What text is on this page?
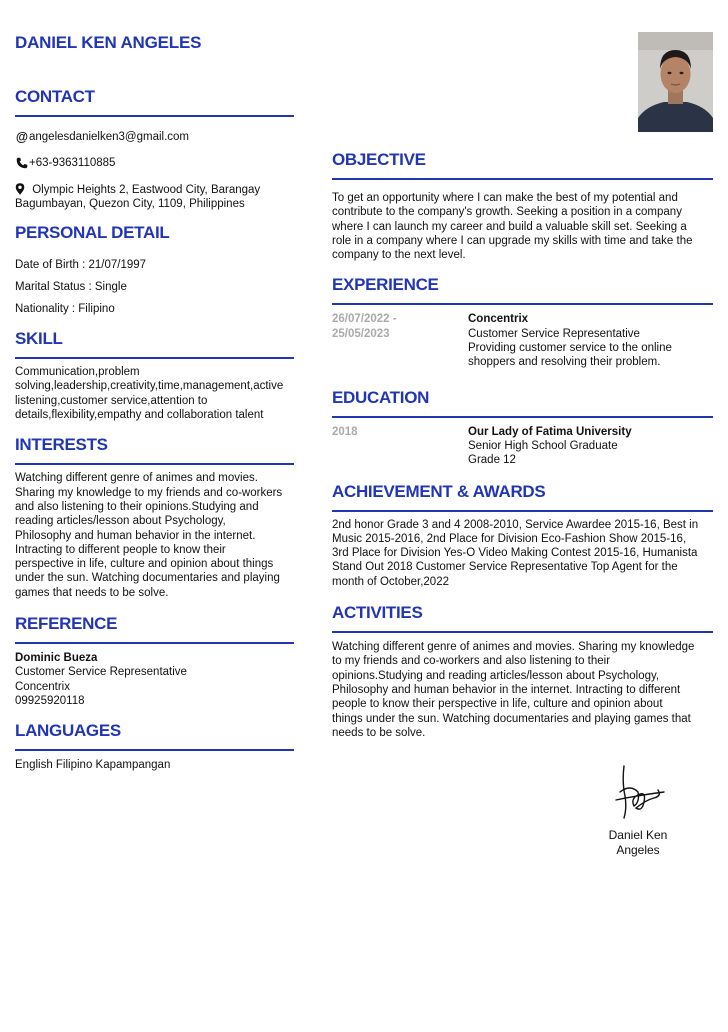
DANIEL KEN ANGELES
CONTACT
@ angelesdanielken3@gmail.com
+63-9363110885
Olympic Heights 2, Eastwood City, Barangay Bagumbayan, Quezon City, 1109, Philippines
PERSONAL DETAIL
Date of Birth : 21/07/1997
Marital Status : Single
Nationality : Filipino
SKILL
Communication,problem
solving,leadership,creativity,time,management,active
listening,customer service,attention to
details,flexibility,empathy and collaboration talent
INTERESTS
Watching different genre of animes and movies.
Sharing my knowledge to my friends and co-workers
and also listening to their opinions.Studying and
reading articles/lesson about Psychology,
Philosophy and human behavior in the internet.
Intracting to different people to know their
perspective in life, culture and opinion about things
under the sun. Watching documentaries and playing
games that needs to be solve.
REFERENCE
Dominic Bueza
Customer Service Representative
Concentrix
09925920118
LANGUAGES
English Filipino Kapampangan
OBJECTIVE
To get an opportunity where I can make the best of my potential and
contribute to the company's growth. Seeking a position in a company
where I can launch my career and build a valuable skill set. Seeking a
role in a company where I can upgrade my skills with time and take the
company to the next level.
EXPERIENCE
26/07/2022 -
25/05/2023
Concentrix
Customer Service Representative
Providing customer service to the online
shoppers and resolving their problem.
EDUCATION
2018	Our Lady of Fatima University
Senior High School Graduate
Grade 12
ACHIEVEMENT & AWARDS
2nd honor Grade 3 and 4 2008-2010, Service Awardee 2015-16, Best in
Music 2015-2016, 2nd Place for Division Eco-Fashion Show 2015-16,
3rd Place for Division Yes-O Video Making Contest 2015-16, Humanista
Stand Out 2018 Customer Service Representative Top Agent for the
month of October,2022
ACTIVITIES
Watching different genre of animes and movies. Sharing my knowledge
to my friends and co-workers and also listening to their
opinions.Studying and reading articles/lesson about Psychology,
Philosophy and human behavior in the internet. Intracting to different
people to know their perspective in life, culture and opinion about
things under the sun. Watching documentaries and playing games that
needs to be solve.
Daniel Ken
Angeles
